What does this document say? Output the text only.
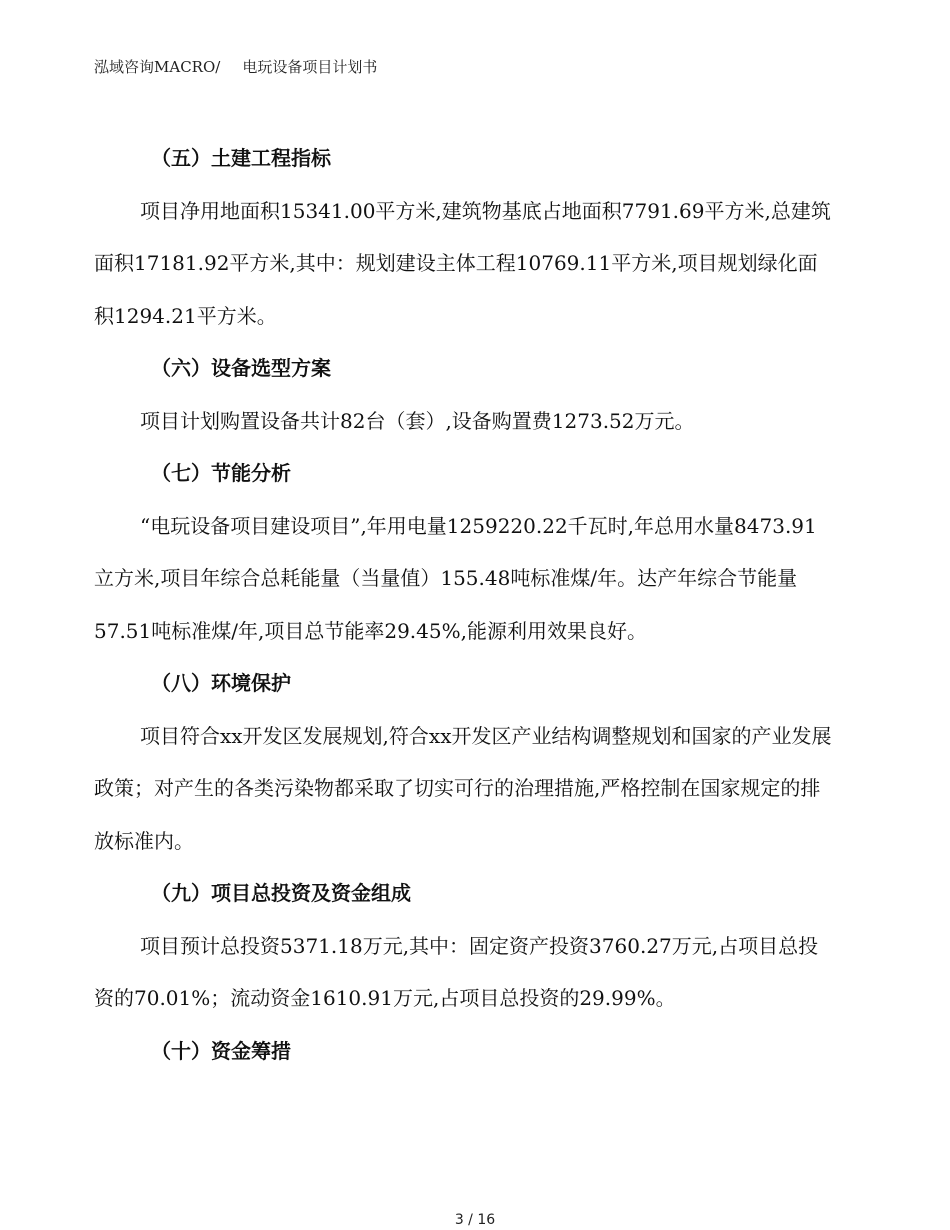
泓域咨询MACRO/ 电玩设备项目计划书
（五）土建工程指标

项目净用地面积15341.00平方米,建筑物基底占地面积7791.69平方米,总建筑面积17181.92平方米,其中：规划建设主体工程10769.11平方米,项目规划绿化面积1294.21平方米。

（六）设备选型方案

项目计划购置设备共计82台（套）,设备购置费1273.52万元。

（七）节能分析

“电玩设备项目建设项目”,年用电量1259220.22千瓦时,年总用水量8473.91立方米,项目年综合总耗能量（当量值）155.48吨标准煤/年。达产年综合节能量57.51吨标准煤/年,项目总节能率29.45%,能源利用效果良好。

（八）环境保护

项目符合xx开发区发展规划,符合xx开发区产业结构调整规划和国家的产业发展政策；对产生的各类污染物都采取了切实可行的治理措施,严格控制在国家规定的排放标准内。

（九）项目总投资及资金组成

项目预计总投资5371.18万元,其中：固定资产投资3760.27万元,占项目总投资的70.01%；流动资金1610.91万元,占项目总投资的29.99%。

（十）资金筹措
3 / 16
